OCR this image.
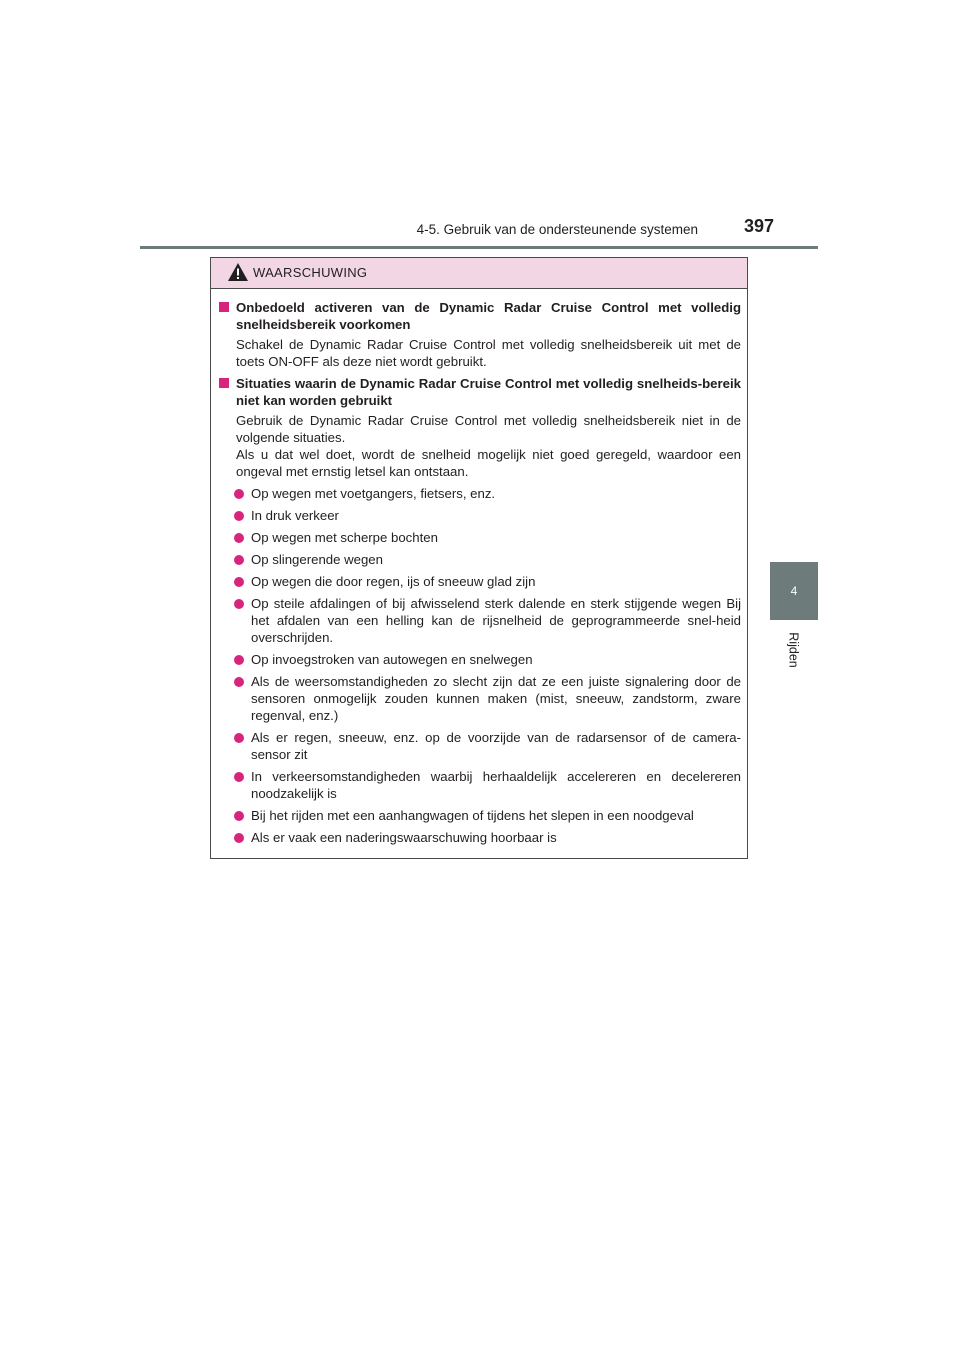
4-5. Gebruik van de ondersteunende systemen	397
4
Rijden
WAARSCHUWING
Onbedoeld activeren van de Dynamic Radar Cruise Control met volledig snelheidsbereik voorkomen
Schakel de Dynamic Radar Cruise Control met volledig snelheidsbereik uit met de toets ON-OFF als deze niet wordt gebruikt.
Situaties waarin de Dynamic Radar Cruise Control met volledig snelheids-bereik niet kan worden gebruikt
Gebruik de Dynamic Radar Cruise Control met volledig snelheidsbereik niet in de volgende situaties.
Als u dat wel doet, wordt de snelheid mogelijk niet goed geregeld, waardoor een ongeval met ernstig letsel kan ontstaan.
Op wegen met voetgangers, fietsers, enz.
In druk verkeer
Op wegen met scherpe bochten
Op slingerende wegen
Op wegen die door regen, ijs of sneeuw glad zijn
Op steile afdalingen of bij afwisselend sterk dalende en sterk stijgende wegen Bij het afdalen van een helling kan de rijsnelheid de geprogrammeerde snel-heid overschrijden.
Op invoegstroken van autowegen en snelwegen
Als de weersomstandigheden zo slecht zijn dat ze een juiste signalering door de sensoren onmogelijk zouden kunnen maken (mist, sneeuw, zandstorm, zware regenval, enz.)
Als er regen, sneeuw, enz. op de voorzijde van de radarsensor of de camera-sensor zit
In verkeersomstandigheden waarbij herhaaldelijk accelereren en decelereren noodzakelijk is
Bij het rijden met een aanhangwagen of tijdens het slepen in een noodgeval
Als er vaak een naderingswaarschuwing hoorbaar is
